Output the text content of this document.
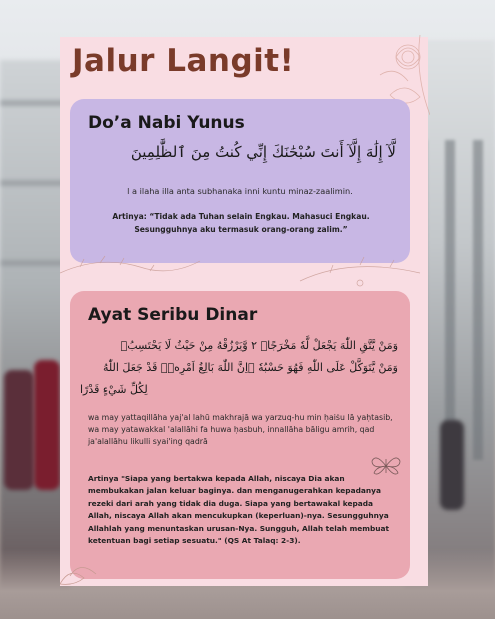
Jalur Langit!
Do’a Nabi Yunus
لَّآ إِلَٰهَ إِلَّآ أَنتَ سُبْحَٰنَكَ إِنِّي كُنتُ مِنَ ٱلظَّٰلِمِينَ
l a ilaha illa anta subhanaka inni kuntu minaz-zaalimin.
Artinya: “Tidak ada Tuhan selain Engkau. Mahasuci Engkau. Sesungguhnya aku termasuk orang-orang zalim.”
Ayat Seribu Dinar
وَمَنْ يَّتَّقِ اللّٰهَ يَجْعَلْ لَّهٗ مَخْرَجًاۙ ٢ وَّيَرْزُقْهُ مِنْ حَيْثُ لَا يَحْتَسِبُۗ
وَمَنْ يَّتَوَكَّلْ عَلَى اللّٰهِ فَهُوَ حَسْبُهٗ ۗاِنَّ اللّٰهَ بَالِغُ اَمْرِهٖۗ قَدْ جَعَلَ اللّٰهُ
لِكُلِّ شَيْءٍ قَدْرًا
wa may yattaqillāha yaj'al lahū makhrajā wa yarzuq-hu min ḥaiṡu lā yaḥtasib, wa may yatawakkal 'alallāhi fa huwa ḥasbuh, innallāha bāligu amrih, qad ja'alallāhu likulli syai'ing qadrā
Artinya "Siapa yang bertakwa kepada Allah, niscaya Dia akan membukakan jalan keluar baginya. dan menganugerahkan kepadanya rezeki dari arah yang tidak dia duga. Siapa yang bertawakal kepada Allah, niscaya Allah akan mencukupkan (keperluan)-nya. Sesungguhnya Allahlah yang menuntaskan urusan-Nya. Sungguh, Allah telah membuat ketentuan bagi setiap sesuatu." (QS At Talaq: 2-3).
